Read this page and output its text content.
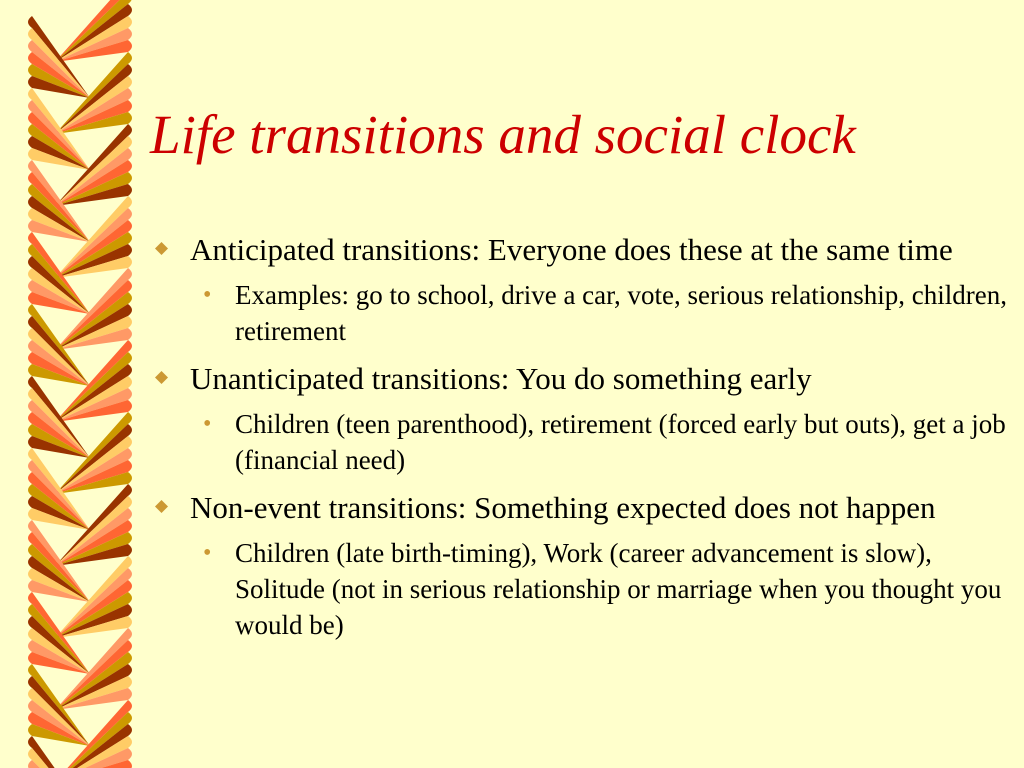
Life transitions and social clock
Anticipated transitions: Everyone does these at the same time
• Examples: go to school, drive a car, vote, serious relationship, children, retirement
Unanticipated transitions: You do something early
• Children (teen parenthood), retirement (forced early but outs), get a job (financial need)
Non-event transitions: Something expected does not happen
• Children (late birth-timing), Work (career advancement is slow), Solitude (not in serious relationship or marriage when you thought you would be)
